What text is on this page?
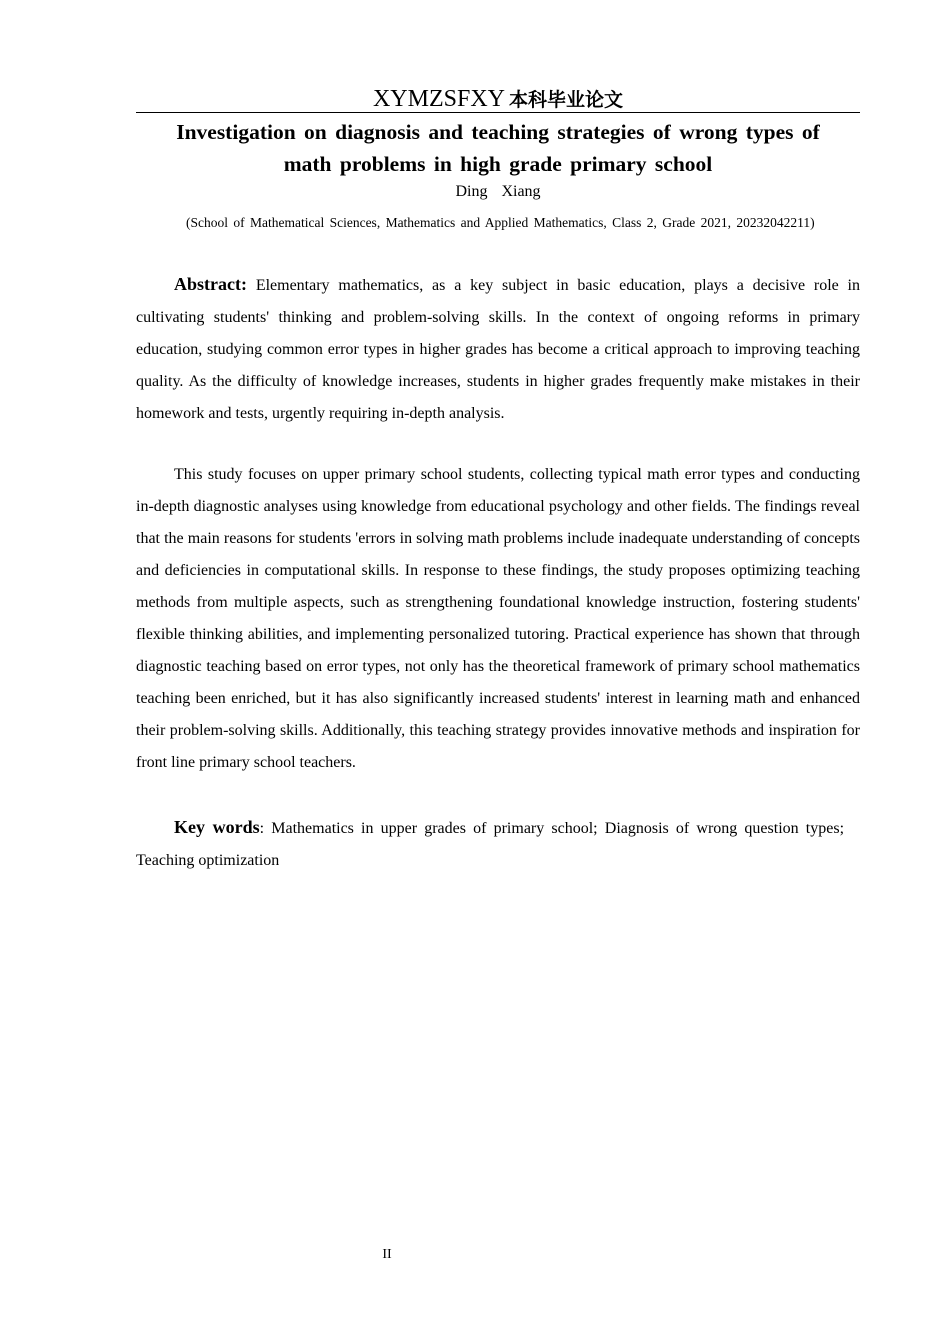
XYMZSFXY 本科毕业论文
Investigation on diagnosis and teaching strategies of wrong types of
math problems in high grade primary school
Ding Xiang
(School of Mathematical Sciences, Mathematics and Applied Mathematics, Class 2, Grade 2021, 20232042211)
Abstract: Elementary mathematics, as a key subject in basic education, plays a decisive role in cultivating students' thinking and problem-solving skills. In the context of ongoing reforms in primary education, studying common error types in higher grades has become a critical approach to improving teaching quality. As the difficulty of knowledge increases, students in higher grades frequently make mistakes in their homework and tests, urgently requiring in-depth analysis.
This study focuses on upper primary school students, collecting typical math error types and conducting in-depth diagnostic analyses using knowledge from educational psychology and other fields. The findings reveal that the main reasons for students 'errors in solving math problems include inadequate understanding of concepts and deficiencies in computational skills. In response to these findings, the study proposes optimizing teaching methods from multiple aspects, such as strengthening foundational knowledge instruction, fostering students' flexible thinking abilities, and implementing personalized tutoring. Practical experience has shown that through diagnostic teaching based on error types, not only has the theoretical framework of primary school mathematics teaching been enriched, but it has also significantly increased students' interest in learning math and enhanced their problem-solving skills. Additionally, this teaching strategy provides innovative methods and inspiration for front line primary school teachers.
Key words: Mathematics in upper grades of primary school; Diagnosis of wrong question types; Teaching optimization
II
